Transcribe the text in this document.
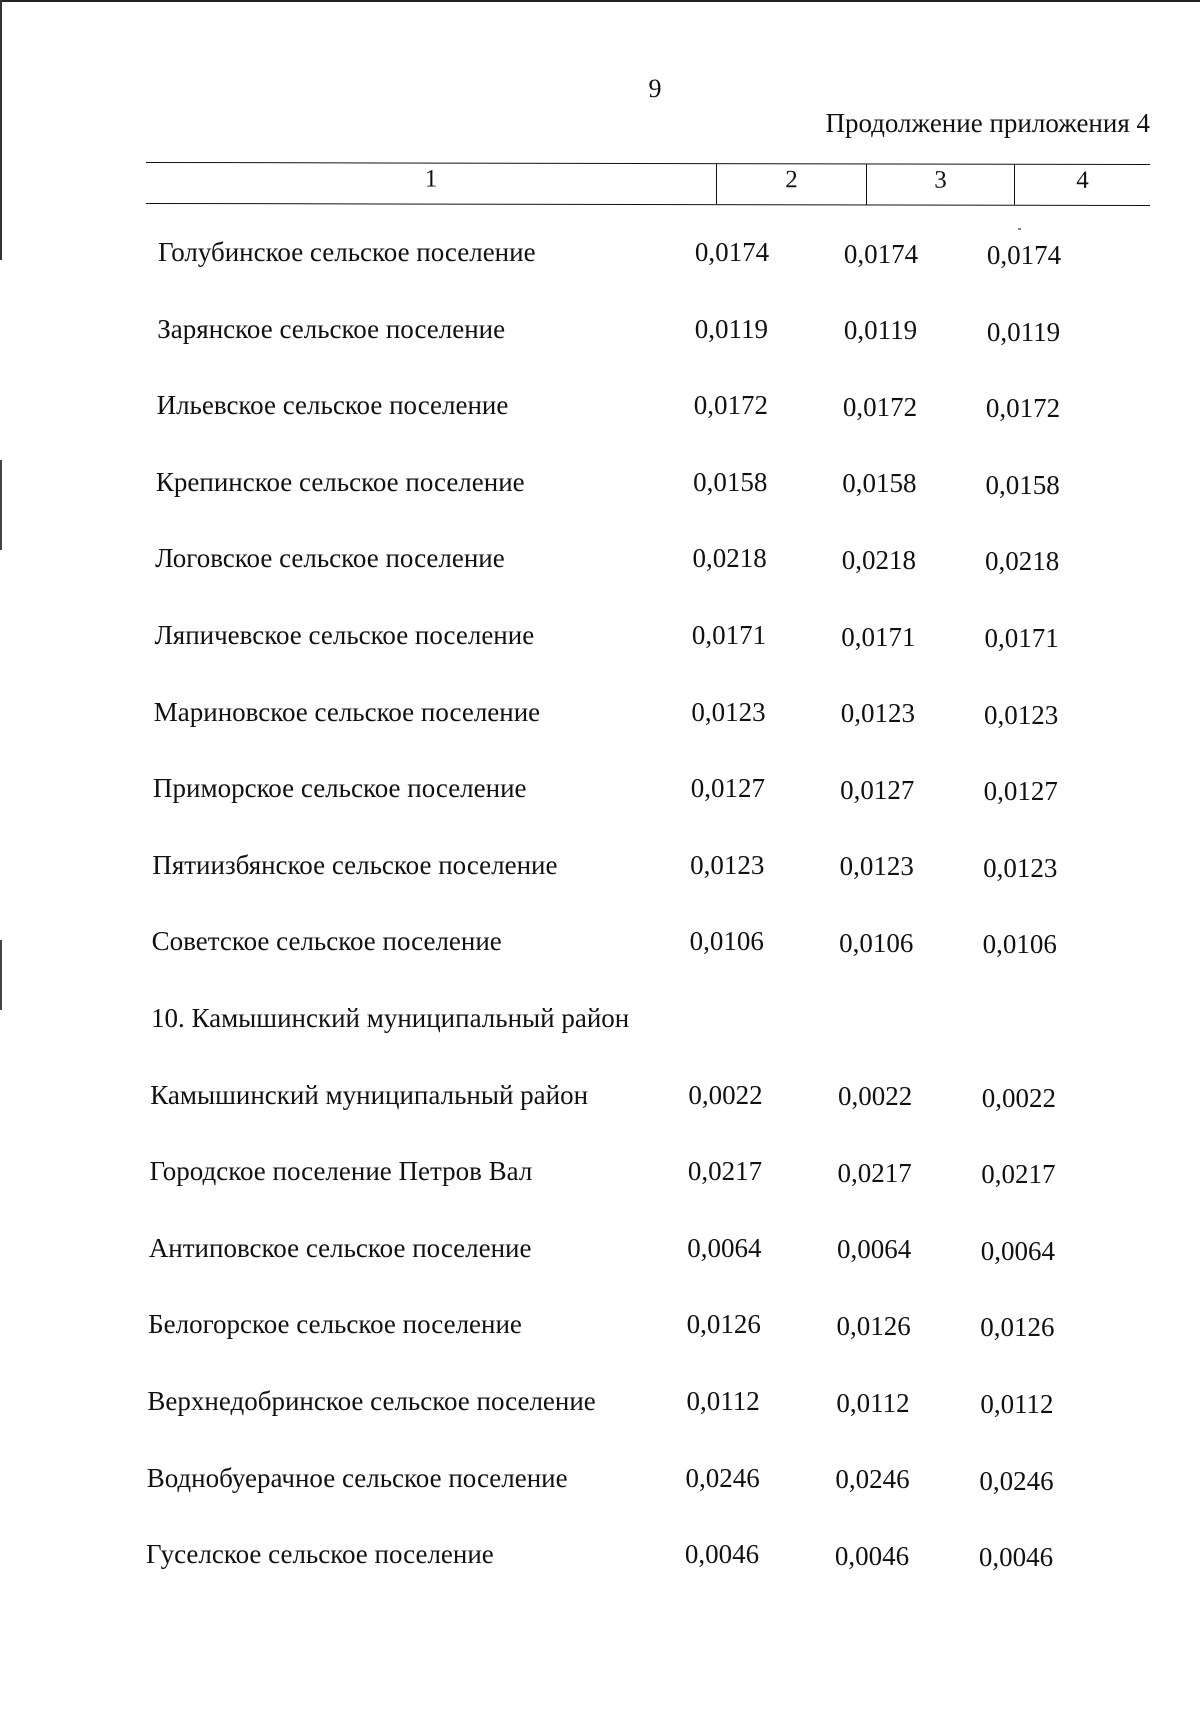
9
Продолжение приложения 4
1	2	3	4
Голубинское сельское поселение	0,0174	0,0174	0,0174
Зарянское сельское поселение	0,0119	0,0119	0,0119
Ильевское сельское поселение	0,0172	0,0172	0,0172
Крепинское сельское поселение	0,0158	0,0158	0,0158
Логовское сельское поселение	0,0218	0,0218	0,0218
Ляпичевское сельское поселение	0,0171	0,0171	0,0171
Мариновское сельское поселение	0,0123	0,0123	0,0123
Приморское сельское поселение	0,0127	0,0127	0,0127
Пятиизбянское сельское поселение	0,0123	0,0123	0,0123
Советское сельское поселение	0,0106	0,0106	0,0106
10. Камышинский муниципальный район
Камышинский муниципальный район	0,0022	0,0022	0,0022
Городское поселение Петров Вал	0,0217	0,0217	0,0217
Антиповское сельское поселение	0,0064	0,0064	0,0064
Белогорское сельское поселение	0,0126	0,0126	0,0126
Верхнедобринское сельское поселение	0,0112	0,0112	0,0112
Воднобуерачное сельское поселение	0,0246	0,0246	0,0246
Гуселское сельское поселение	0,0046	0,0046	0,0046
